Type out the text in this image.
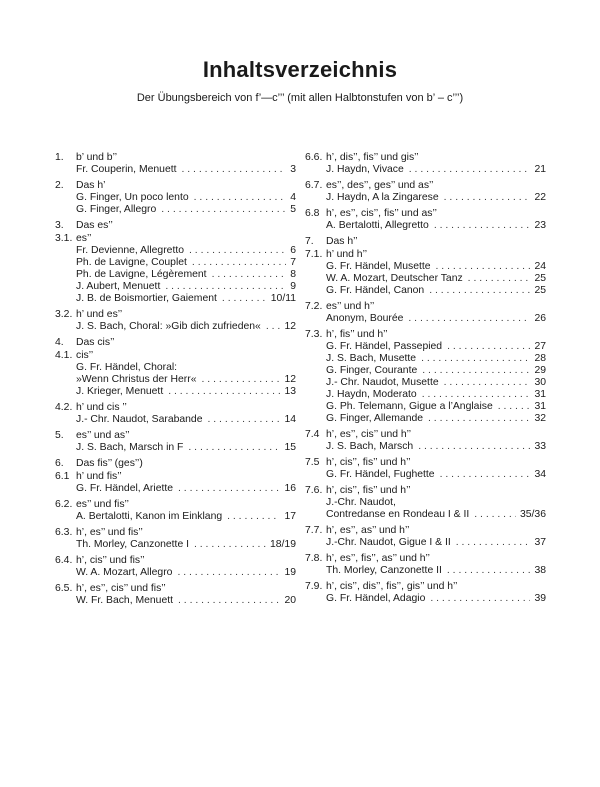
Inhaltsverzeichnis
Der Übungsbereich von f’—c’’’ (mit allen Halbtonstufen von b’ – c’’’)
1.	b’ und b’’
Fr. Couperin, Menuett . . .	3
2.	Das h’
G. Finger, Un poco lento . . .	4
G. Finger, Allegro . . .	5
3.	Das es’’
3.1. es’’
Fr. Devienne, Allegretto . . .	6
Ph. de Lavigne, Couplet . . .	7
Ph. de Lavigne, Légèrement . . .	8
J. Aubert, Menuett . . .	9
J. B. de Boismortier, Gaiement . . .	10/11
3.2. h’ und es’’
J. S. Bach, Choral: »Gib dich zufrieden« . . . 12
4.	Das cis’’
4.1. cis’’
G. Fr. Händel, Choral:
»Wenn Christus der Herr« . . .	12
J. Krieger, Menuett . . .	13
4.2. h’ und cis ’’
J.- Chr. Naudot, Sarabande . . .	14
5.	es’’ und as’’
J. S. Bach, Marsch in F . . .	15
6.	Das fis’’ (ges’’)
6.1 h’ und fis’’
G. Fr. Händel, Ariette . . .	16
6.2. es’’ und fis’’
A. Bertalotti, Kanon im Einklang . . .	17
6.3. h’, es’’ und fis’’
Th. Morley, Canzonette I . . .	18/19
6.4. h’, cis’’ und fis’’
W. A. Mozart, Allegro . . .	19
6.5. h’, es’’, cis’’ und fis’’
W. Fr. Bach, Menuett . . .	20
6.6. h’, dis’’, fis’’ und gis’’
J. Haydn, Vivace . . .	21
6.7. es’’, des’’, ges’’ und as’’
J. Haydn, A la Zingarese . . .	22
6.8 h’, es’’, cis’’, fis’’ und as’’
A. Bertalotti, Allegretto . . .	23
7.	Das h’’
7.1. h’ und h’’
G. Fr. Händel, Musette . . .	24
W. A. Mozart, Deutscher Tanz . . .	25
G. Fr. Händel, Canon . . .	25
7.2. es’’ und h’’
Anonym, Bourée . . .	26
7.3. h’, fis’’ und h’’
G. Fr. Händel, Passepied . . .	27
J. S. Bach, Musette . . .	28
G. Finger, Courante . . .	29
J.- Chr. Naudot, Musette . . .	30
J. Haydn, Moderato . . .	31
G. Ph. Telemann, Gigue a l’Anglaise . . .	31
G. Finger, Allemande . . .	32
7.4 h’, es’’, cis’’ und h’’
J. S. Bach, Marsch . . .	33
7.5 h’, cis’’, fis’’ und h’’
G. Fr. Händel, Fughette . . .	34
7.6. h’, cis’’, fis’’ und h’’
J.-Chr. Naudot,
Contredanse en Rondeau I & II . . .	35/36
7.7. h’, es’’, as’’ und h’’
J.-Chr. Naudot, Gigue I & II . . .	37
7.8. h’, es’’, fis’’, as’’ und h’’
Th. Morley, Canzonette II . . .	38
7.9. h’, cis’’, dis’’, fis’’, gis’’ und h’’
G. Fr. Händel, Adagio . . .	39
